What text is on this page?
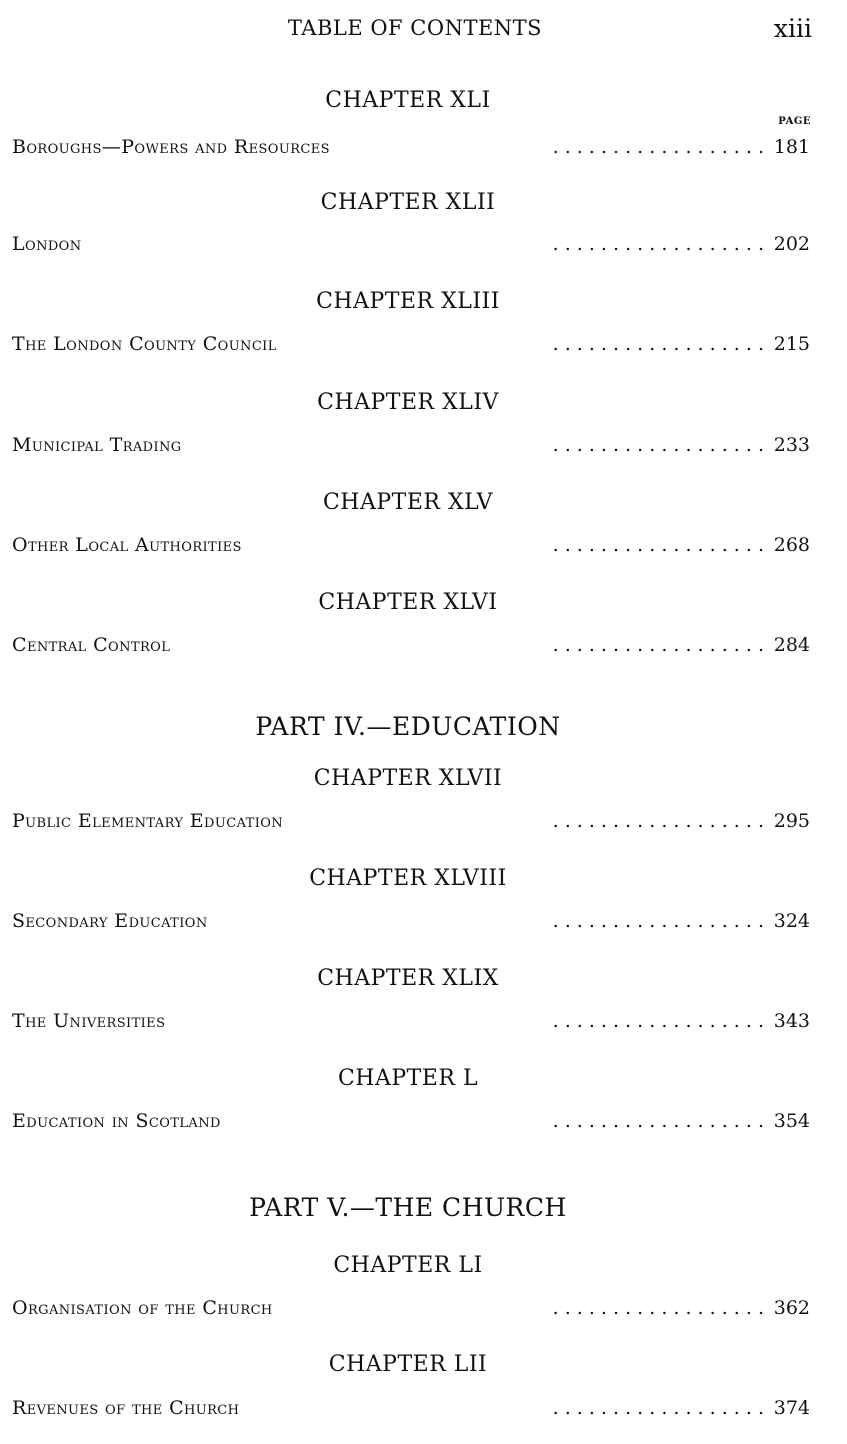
TABLE OF CONTENTS	xiii
CHAPTER XLI
PAGE
Boroughs—Powers and Resources	. . . . . . . . . . . . . . . . . . 181
CHAPTER XLII
London	. . . . . . . . . . . . . . . . . . 202
CHAPTER XLIII
The London County Council	. . . . . . . . . . . . . . . . . . 215
CHAPTER XLIV
Municipal Trading	. . . . . . . . . . . . . . . . . . 233
CHAPTER XLV
Other Local Authorities	. . . . . . . . . . . . . . . . . . 268
CHAPTER XLVI
Central Control	. . . . . . . . . . . . . . . . . . 284
PART IV.—EDUCATION
CHAPTER XLVII
Public Elementary Education	. . . . . . . . . . . . . . . . . . 295
CHAPTER XLVIII
Secondary Education	. . . . . . . . . . . . . . . . . . 324
CHAPTER XLIX
The Universities	. . . . . . . . . . . . . . . . . . 343
CHAPTER L
Education in Scotland	. . . . . . . . . . . . . . . . . . 354
PART V.—THE CHURCH
CHAPTER LI
Organisation of the Church	. . . . . . . . . . . . . . . . . . 362
CHAPTER LII
Revenues of the Church	. . . . . . . . . . . . . . . . . . 374
